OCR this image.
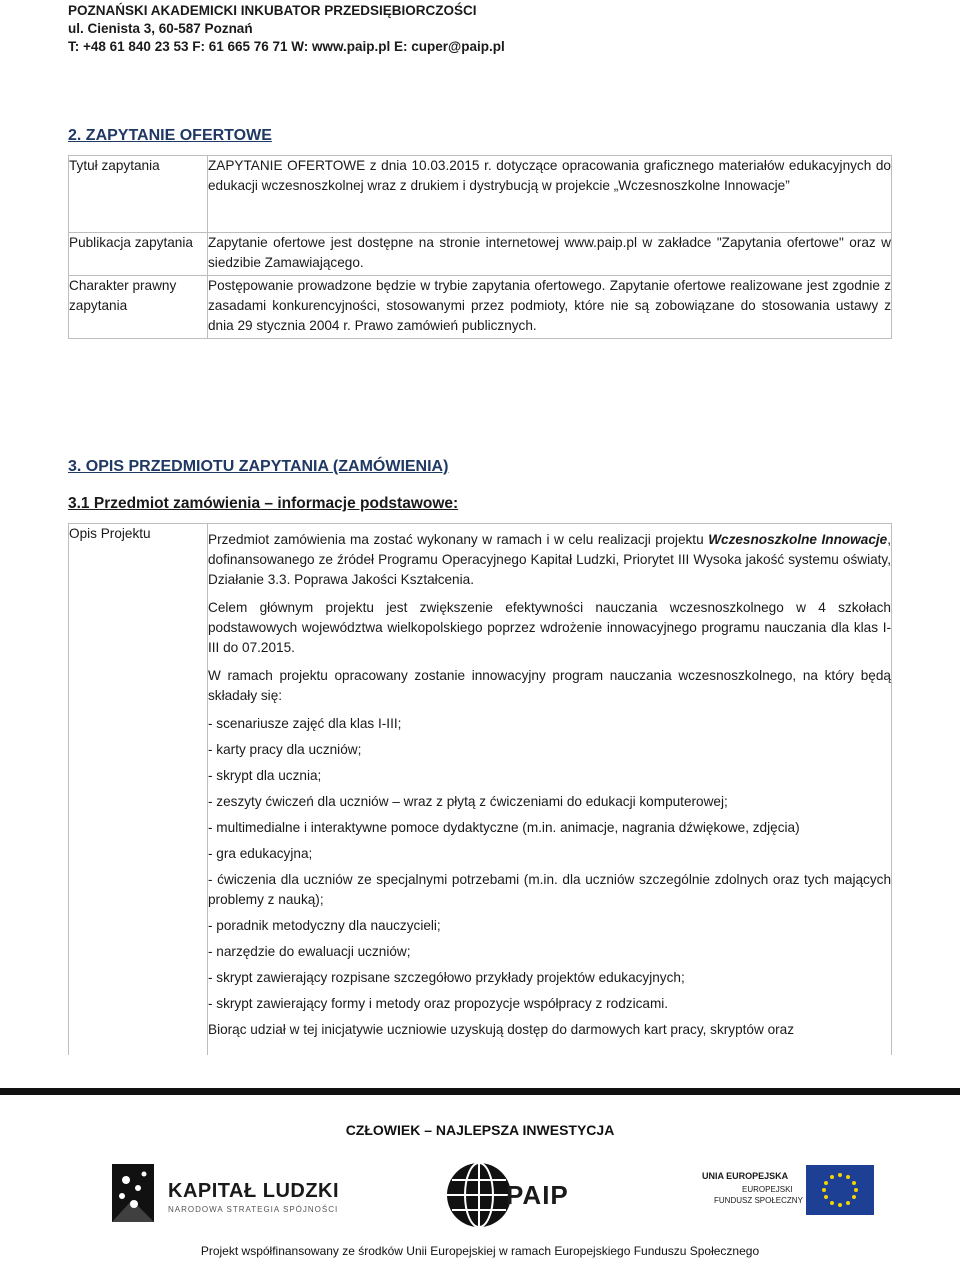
POZNAŃSKI AKADEMICKI INKUBATOR PRZEDSIĘBIORCZOŚCI
ul. Cienista 3, 60-587 Poznań
T: +48 61 840 23 53 F: 61 665 76 71 W: www.paip.pl E: cuper@paip.pl
2. ZAPYTANIE OFERTOWE
Tytuł zapytania	ZAPYTANIE OFERTOWE z dnia 10.03.2015 r. dotyczące opracowania graficznego materiałów edukacyjnych do edukacji wczesnoszkolnej wraz z drukiem i dystrybucją w projekcie „Wczesnoszkolne Innowacje”
Publikacja zapytania	Zapytanie ofertowe jest dostępne na stronie internetowej www.paip.pl w zakładce "Zapytania ofertowe" oraz w siedzibie Zamawiającego.
Charakter prawny zapytania	Postępowanie prowadzone będzie w trybie zapytania ofertowego. Zapytanie ofertowe realizowane jest zgodnie z zasadami konkurencyjności, stosowanymi przez podmioty, które nie są zobowiązane do stosowania ustawy z dnia 29 stycznia 2004 r. Prawo zamówień publicznych.
3. OPIS PRZEDMIOTU ZAPYTANIA (ZAMÓWIENIA)
3.1 Przedmiot zamówienia – informacje podstawowe:
Opis Projektu	Przedmiot zamówienia ma zostać wykonany w ramach i w celu realizacji projektu Wczesnoszkolne Innowacje, dofinansowanego ze źródeł Programu Operacyjnego Kapitał Ludzki, Priorytet III Wysoka jakość systemu oświaty, Działanie 3.3. Poprawa Jakości Kształcenia.

Celem głównym projektu jest zwiększenie efektywności nauczania wczesnoszkolnego w 4 szkołach podstawowych województwa wielkopolskiego poprzez wdrożenie innowacyjnego programu nauczania dla klas I-III do 07.2015.

W ramach projektu opracowany zostanie innowacyjny program nauczania wczesnoszkolnego, na który będą składały się:

- scenariusze zajęć dla klas I-III;

- karty pracy dla uczniów;

- skrypt dla ucznia;

- zeszyty ćwiczeń dla uczniów – wraz z płytą z ćwiczeniami do edukacji komputerowej;

- multimedialne i interaktywne pomoce dydaktyczne (m.in. animacje, nagrania dźwiękowe, zdjęcia)

- gra edukacyjna;

- ćwiczenia dla uczniów ze specjalnymi potrzebami (m.in. dla uczniów szczególnie zdolnych oraz tych mających problemy z nauką);

- poradnik metodyczny dla nauczycieli;

- narzędzie do ewaluacji uczniów;

- skrypt zawierający rozpisane szczegółowo przykłady projektów edukacyjnych;

- skrypt zawierający formy i metody oraz propozycje współpracy z rodzicami.

Biorąc udział w tej inicjatywie uczniowie uzyskują dostęp do darmowych kart pracy, skryptów oraz

CZŁOWIEK – NAJLEPSZA INWESTYCJA
KAPITAŁ LUDZKI
NARODOWA STRATEGIA SPÓJNOŚCI	PAIP
UNIA EUROPEJSKA
EUROPEJSKI
FUNDUSZ SPOŁECZNY
Projekt współfinansowany ze środków Unii Europejskiej w ramach Europejskiego Funduszu Społecznego
